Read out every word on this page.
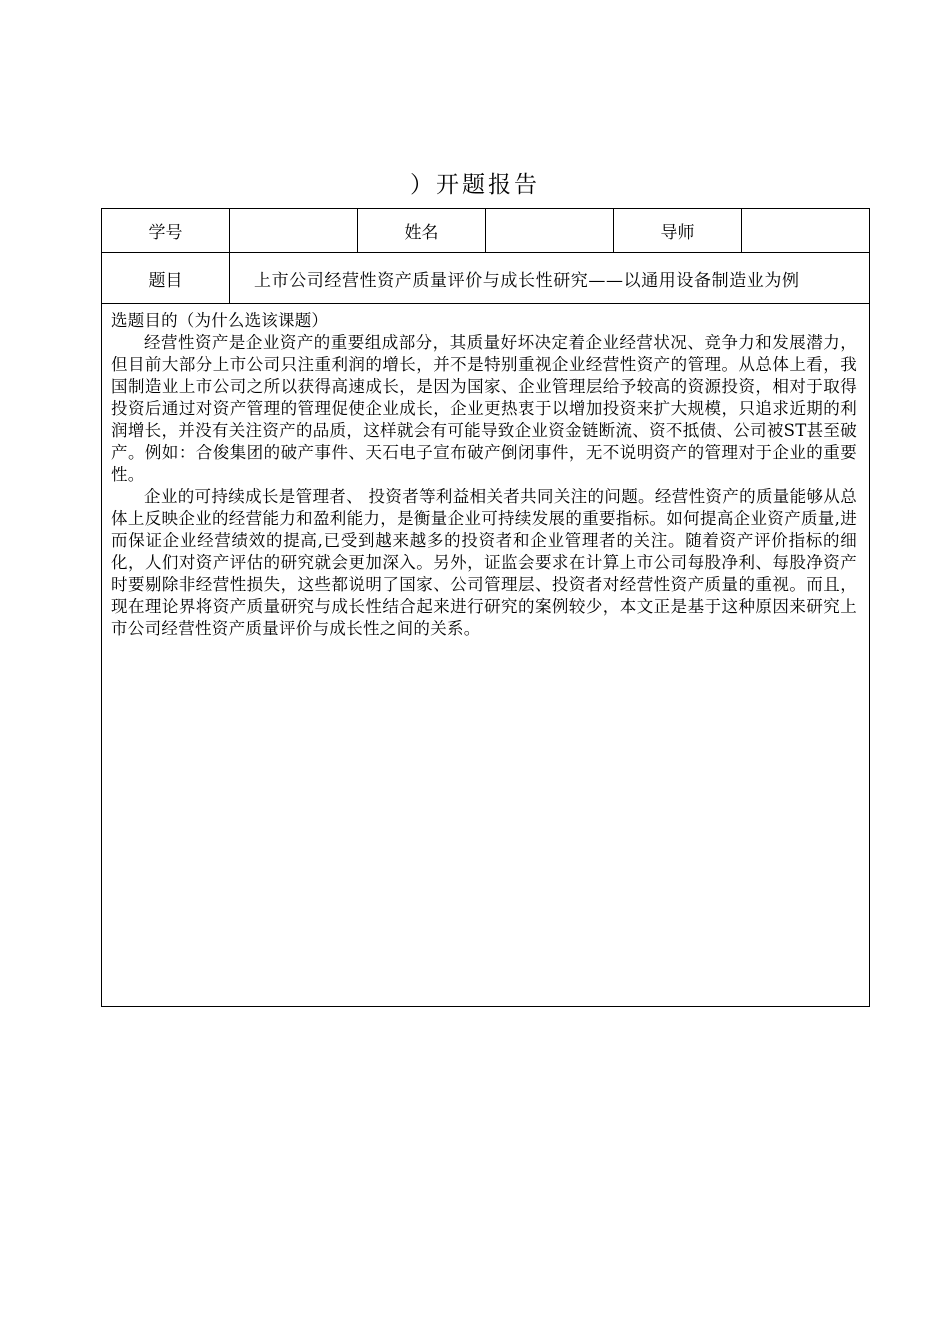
）开题报告
学号	姓名	导师
题目	上市公司经营性资产质量评价与成长性研究——以通用设备制造业为例

选题目的（为什么选该课题）

经营性资产是企业资产的重要组成部分，其质量好坏决定着企业经营状况、竞争力和发展潜力，但目前大部分上市公司只注重利润的增长，并不是特别重视企业经营性资产的管理。从总体上看，我国制造业上市公司之所以获得高速成长，是因为国家、企业管理层给予较高的资源投资，相对于取得投资后通过对资产管理的管理促使企业成长，企业更热衷于以增加投资来扩大规模，只追求近期的利润增长，并没有关注资产的品质，这样就会有可能导致企业资金链断流、资不抵债、公司被ST甚至破产。例如：合俊集团的破产事件、天石电子宣布破产倒闭事件，无不说明资产的管理对于企业的重要性。

企业的可持续成长是管理者、 投资者等利益相关者共同关注的问题。经营性资产的质量能够从总体上反映企业的经营能力和盈利能力，是衡量企业可持续发展的重要指标。如何提高企业资产质量,进而保证企业经营绩效的提高,已受到越来越多的投资者和企业管理者的关注。随着资产评价指标的细化，人们对资产评估的研究就会更加深入。另外，证监会要求在计算上市公司每股净利、每股净资产时要剔除非经营性损失，这些都说明了国家、公司管理层、投资者对经营性资产质量的重视。而且，现在理论界将资产质量研究与成长性结合起来进行研究的案例较少，本文正是基于这种原因来研究上市公司经营性资产质量评价与成长性之间的关系。
